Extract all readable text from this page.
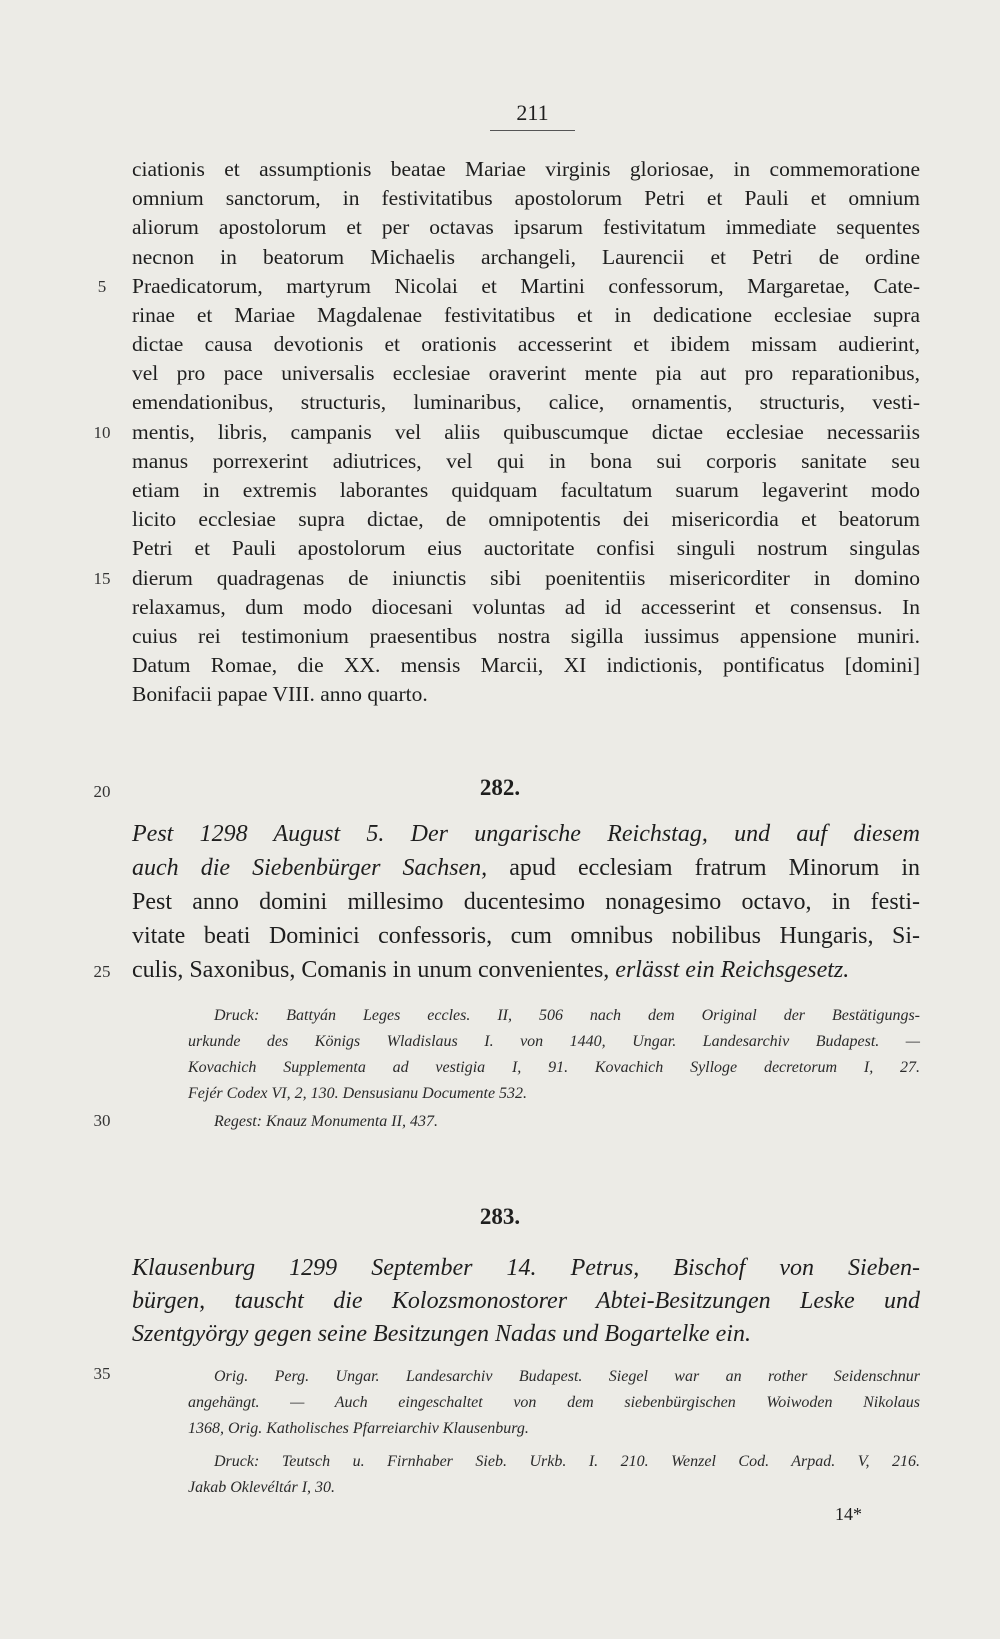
211
ciationis et assumptionis beatae Mariae virginis gloriosae, in commemoratione
omnium sanctorum, in festivitatibus apostolorum Petri et Pauli et omnium
aliorum apostolorum et per octavas ipsarum festivitatum immediate sequentes
necnon in beatorum Michaelis archangeli, Laurencii et Petri de ordine
Praedicatorum, martyrum Nicolai et Martini confessorum, Margaretae, Cate-
rinae et Mariae Magdalenae festivitatibus et in dedicatione ecclesiae supra
dictae causa devotionis et orationis accesserint et ibidem missam audierint,
vel pro pace universalis ecclesiae oraverint mente pia aut pro reparationibus,
emendationibus, structuris, luminaribus, calice, ornamentis, structuris, vesti-
mentis, libris, campanis vel aliis quibuscumque dictae ecclesiae necessariis
manus porrexerint adiutrices, vel qui in bona sui corporis sanitate seu
etiam in extremis laborantes quidquam facultatum suarum legaverint modo
licito ecclesiae supra dictae, de omnipotentis dei misericordia et beatorum
Petri et Pauli apostolorum eius auctoritate confisi singuli nostrum singulas
dierum quadragenas de iniunctis sibi poenitentiis misericorditer in domino
relaxamus, dum modo diocesani voluntas ad id accesserint et consensus. In
cuius rei testimonium praesentibus nostra sigilla iussimus appensione muniri.
Datum Romae, die XX. mensis Marcii, XI indictionis, pontificatus [domini]
Bonifacii papae VIII. anno quarto.
5
10
15
20
25
30
35
282.
Pest 1298 August 5. Der ungarische Reichstag, und auf diesem
auch die Siebenbürger Sachsen, apud ecclesiam fratrum Minorum in
Pest anno domini millesimo ducentesimo nonagesimo octavo, in festi-
vitate beati Dominici confessoris, cum omnibus nobilibus Hungaris, Si-
culis, Saxonibus, Comanis in unum convenientes, erlässt ein Reichsgesetz.
Druck: Battyán Leges eccles. II, 506 nach dem Original der Bestätigungs-
urkunde des Königs Wladislaus I. von 1440, Ungar. Landesarchiv Budapest. —
Kovachich Supplementa ad vestigia I, 91. Kovachich Sylloge decretorum I, 27.
Fejér Codex VI, 2, 130. Densusianu Documente 532.
Regest: Knauz Monumenta II, 437.
283.
Klausenburg 1299 September 14. Petrus, Bischof von Sieben-
bürgen, tauscht die Kolozsmonostorer Abtei-Besitzungen Leske und
Szentgyörgy gegen seine Besitzungen Nadas und Bogartelke ein.
Orig. Perg. Ungar. Landesarchiv Budapest. Siegel war an rother Seidenschnur
angehängt. — Auch eingeschaltet von dem siebenbürgischen Woiwoden Nikolaus
1368, Orig. Katholisches Pfarreiarchiv Klausenburg.
Druck: Teutsch u. Firnhaber Sieb. Urkb. I. 210. Wenzel Cod. Arpad. V, 216.
Jakab Oklevéltár I, 30.
14*
